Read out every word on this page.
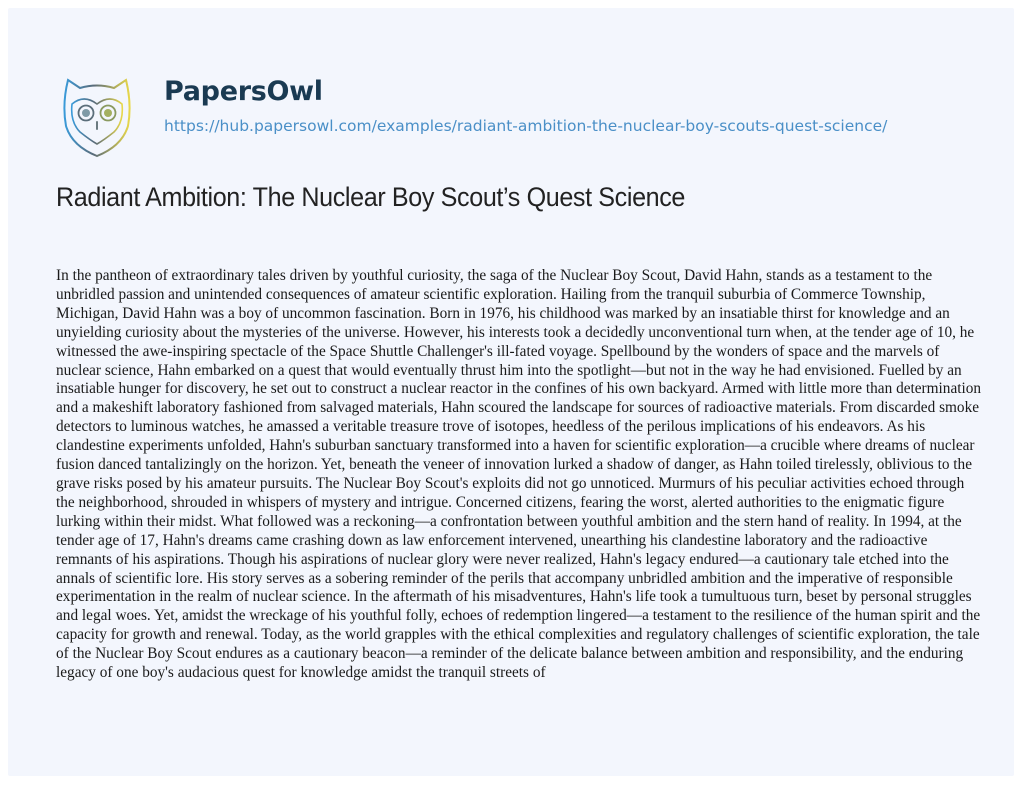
PapersOwl
https://hub.papersowl.com/examples/radiant-ambition-the-nuclear-boy-scouts-quest-science/
Radiant Ambition: The Nuclear Boy Scout’s Quest Science

In the pantheon of extraordinary tales driven by youthful curiosity, the saga of the Nuclear Boy Scout, David Hahn, stands as a testament to the unbridled passion and unintended consequences of amateur scientific exploration. Hailing from the tranquil suburbia of Commerce Township, Michigan, David Hahn was a boy of uncommon fascination. Born in 1976, his childhood was marked by an insatiable thirst for knowledge and an unyielding curiosity about the mysteries of the universe. However, his interests took a decidedly unconventional turn when, at the tender age of 10, he witnessed the awe-inspiring spectacle of the Space Shuttle Challenger's ill-fated voyage. Spellbound by the wonders of space and the marvels of nuclear science, Hahn embarked on a quest that would eventually thrust him into the spotlight—but not in the way he had envisioned. Fuelled by an insatiable hunger for discovery, he set out to construct a nuclear reactor in the confines of his own backyard. Armed with little more than determination and a makeshift laboratory fashioned from salvaged materials, Hahn scoured the landscape for sources of radioactive materials. From discarded smoke detectors to luminous watches, he amassed a veritable treasure trove of isotopes, heedless of the perilous implications of his endeavors. As his clandestine experiments unfolded, Hahn's suburban sanctuary transformed into a haven for scientific exploration—a crucible where dreams of nuclear fusion danced tantalizingly on the horizon. Yet, beneath the veneer of innovation lurked a shadow of danger, as Hahn toiled tirelessly, oblivious to the grave risks posed by his amateur pursuits. The Nuclear Boy Scout's exploits did not go unnoticed. Murmurs of his peculiar activities echoed through the neighborhood, shrouded in whispers of mystery and intrigue. Concerned citizens, fearing the worst, alerted authorities to the enigmatic figure lurking within their midst. What followed was a reckoning—a confrontation between youthful ambition and the stern hand of reality. In 1994, at the tender age of 17, Hahn's dreams came crashing down as law enforcement intervened, unearthing his clandestine laboratory and the radioactive remnants of his aspirations. Though his aspirations of nuclear glory were never realized, Hahn's legacy endured—a cautionary tale etched into the annals of scientific lore. His story serves as a sobering reminder of the perils that accompany unbridled ambition and the imperative of responsible experimentation in the realm of nuclear science. In the aftermath of his misadventures, Hahn's life took a tumultuous turn, beset by personal struggles and legal woes. Yet, amidst the wreckage of his youthful folly, echoes of redemption lingered—a testament to the resilience of the human spirit and the capacity for growth and renewal. Today, as the world grapples with the ethical complexities and regulatory challenges of scientific exploration, the tale of the Nuclear Boy Scout endures as a cautionary beacon—a reminder of the delicate balance between ambition and responsibility, and the enduring legacy of one boy's audacious quest for knowledge amidst the tranquil streets of
